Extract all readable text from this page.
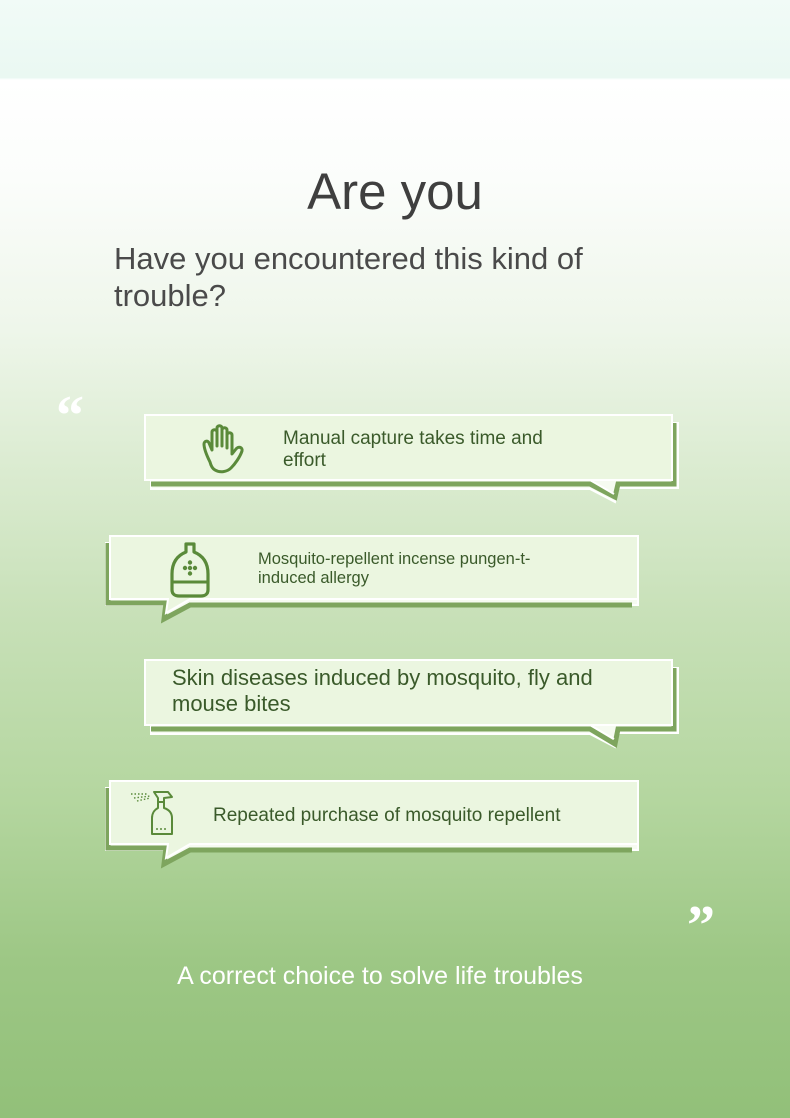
Are you

Have you encountered this kind of trouble?

“	Manual capture takes time and effort
Mosquito-repellent incense pungen-t-induced allergy
Skin diseases induced by mosquito, fly and mouse bites
Repeated purchase of mosquito repellent
”

A correct choice to solve life troubles
